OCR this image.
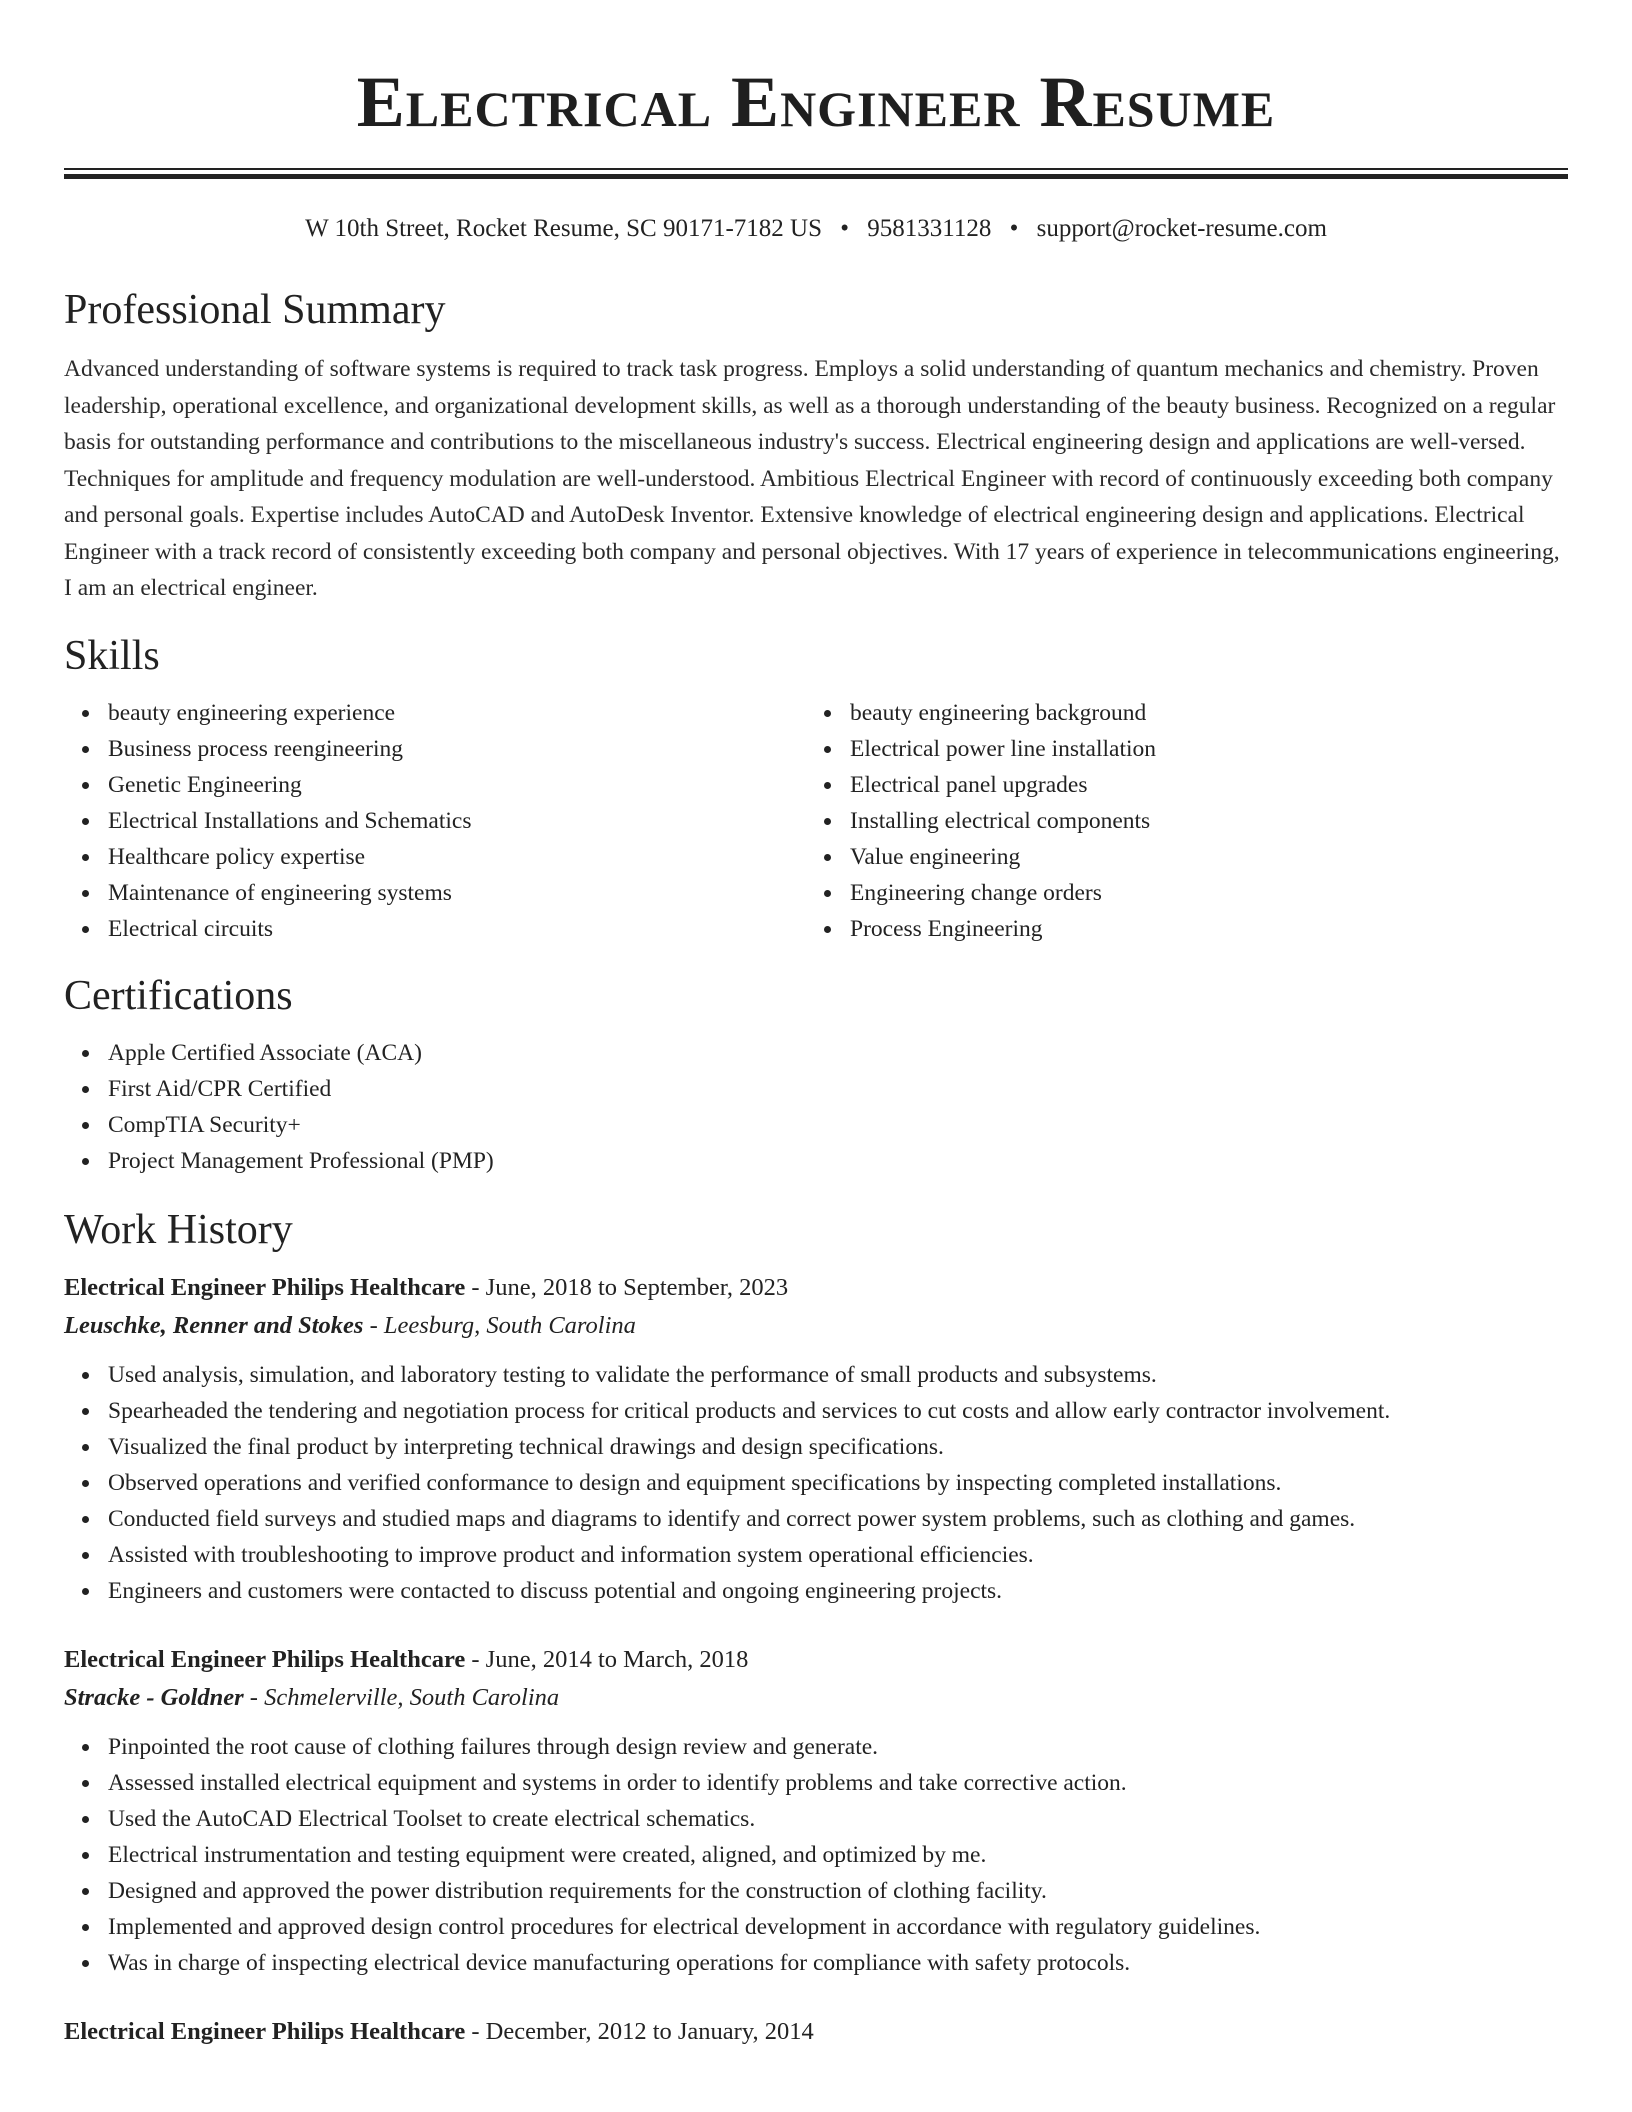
Electrical Engineer Resume
W 10th Street, Rocket Resume, SC 90171-7182 US • 9581331128 • support@rocket-resume.com
Professional Summary

Advanced understanding of software systems is required to track task progress. Employs a solid understanding of quantum mechanics and chemistry. Proven leadership, operational excellence, and organizational development skills, as well as a thorough understanding of the beauty business. Recognized on a regular basis for outstanding performance and contributions to the miscellaneous industry's success. Electrical engineering design and applications are well-versed. Techniques for amplitude and frequency modulation are well-understood. Ambitious Electrical Engineer with record of continuously exceeding both company and personal goals. Expertise includes AutoCAD and AutoDesk Inventor. Extensive knowledge of electrical engineering design and applications. Electrical Engineer with a track record of consistently exceeding both company and personal objectives. With 17 years of experience in telecommunications engineering, I am an electrical engineer.

Skills
beauty engineering experience
Business process reengineering
Genetic Engineering
Electrical Installations and Schematics
Healthcare policy expertise
Maintenance of engineering systems
Electrical circuits
beauty engineering background
Electrical power line installation
Electrical panel upgrades
Installing electrical components
Value engineering
Engineering change orders
Process Engineering
Certifications
Apple Certified Associate (ACA)
First Aid/CPR Certified
CompTIA Security+
Project Management Professional (PMP)
Work History
Electrical Engineer Philips Healthcare - June, 2018 to September, 2023
Leuschke, Renner and Stokes - Leesburg, South Carolina
Used analysis, simulation, and laboratory testing to validate the performance of small products and subsystems.
Spearheaded the tendering and negotiation process for critical products and services to cut costs and allow early contractor involvement.
Visualized the final product by interpreting technical drawings and design specifications.
Observed operations and verified conformance to design and equipment specifications by inspecting completed installations.
Conducted field surveys and studied maps and diagrams to identify and correct power system problems, such as clothing and games.
Assisted with troubleshooting to improve product and information system operational efficiencies.
Engineers and customers were contacted to discuss potential and ongoing engineering projects.
Electrical Engineer Philips Healthcare - June, 2014 to March, 2018
Stracke - Goldner - Schmelerville, South Carolina
Pinpointed the root cause of clothing failures through design review and generate.
Assessed installed electrical equipment and systems in order to identify problems and take corrective action.
Used the AutoCAD Electrical Toolset to create electrical schematics.
Electrical instrumentation and testing equipment were created, aligned, and optimized by me.
Designed and approved the power distribution requirements for the construction of clothing facility.
Implemented and approved design control procedures for electrical development in accordance with regulatory guidelines.
Was in charge of inspecting electrical device manufacturing operations for compliance with safety protocols.
Electrical Engineer Philips Healthcare - December, 2012 to January, 2014
